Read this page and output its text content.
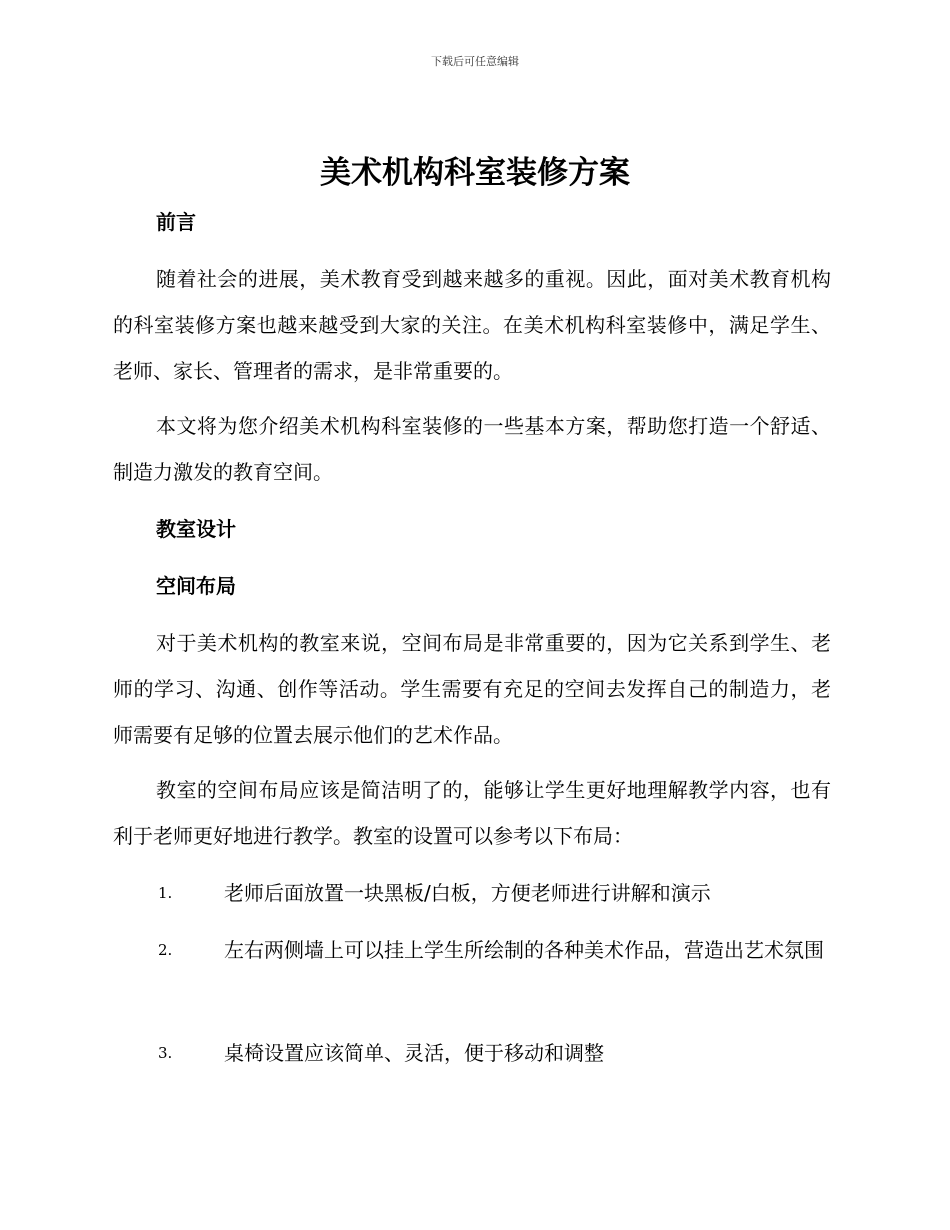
下载后可任意编辑
美术机构科室装修方案
前言

随着社会的进展，美术教育受到越来越多的重视。因此，面对美术教育机构的科室装修方案也越来越受到大家的关注。在美术机构科室装修中，满足学生、老师、家长、管理者的需求，是非常重要的。

本文将为您介绍美术机构科室装修的一些基本方案，帮助您打造一个舒适、制造力激发的教育空间。

教室设计
空间布局

对于美术机构的教室来说，空间布局是非常重要的，因为它关系到学生、老师的学习、沟通、创作等活动。学生需要有充足的空间去发挥自己的制造力，老师需要有足够的位置去展示他们的艺术作品。

教室的空间布局应该是简洁明了的，能够让学生更好地理解教学内容，也有利于老师更好地进行教学。教室的设置可以参考以下布局：

1.	老师后面放置一块黑板/白板，方便老师进行讲解和演示
2.	左右两侧墙上可以挂上学生所绘制的各种美术作品，营造出艺术氛围
3.	桌椅设置应该简单、灵活，便于移动和调整
